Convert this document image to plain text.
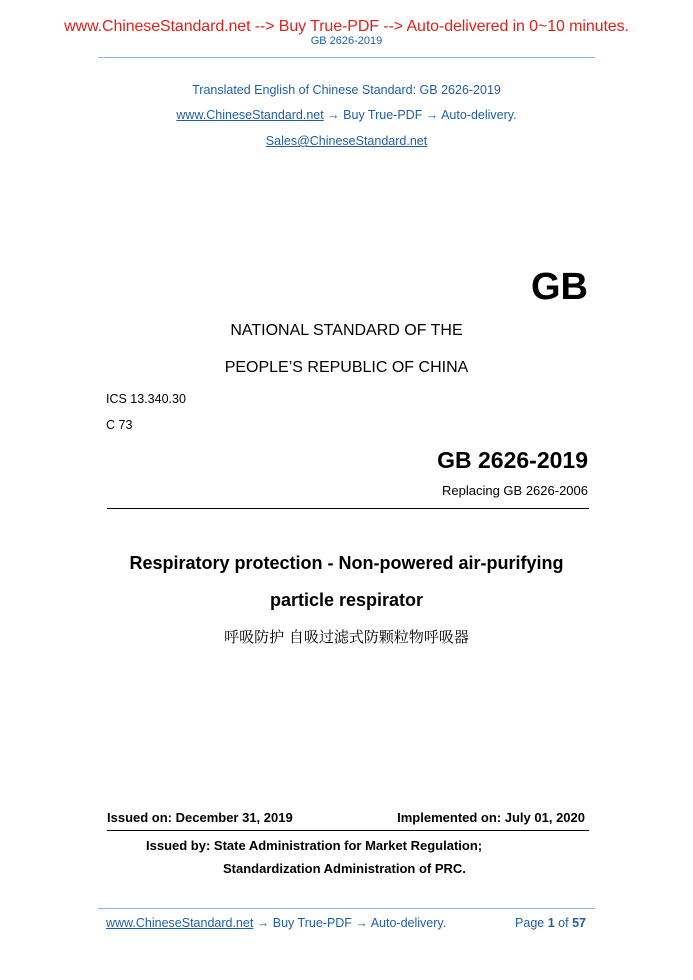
www.ChineseStandard.net --> Buy True-PDF --> Auto-delivered in 0~10 minutes.
GB 2626-2019
Translated English of Chinese Standard: GB 2626-2019
www.ChineseStandard.net → Buy True-PDF → Auto-delivery.
Sales@ChineseStandard.net
GB
NATIONAL STANDARD OF THE
PEOPLE’S REPUBLIC OF CHINA
ICS 13.340.30
C 73
GB 2626-2019
Replacing GB 2626-2006
Respiratory protection - Non-powered air-purifying
particle respirator
呼吸防护 自吸过滤式防颗粒物呼吸器
Issued on: December 31, 2019	Implemented on: July 01, 2020
Issued by: State Administration for Market Regulation;
Standardization Administration of PRC.
www.ChineseStandard.net → Buy True-PDF → Auto-delivery.	Page 1 of 57
